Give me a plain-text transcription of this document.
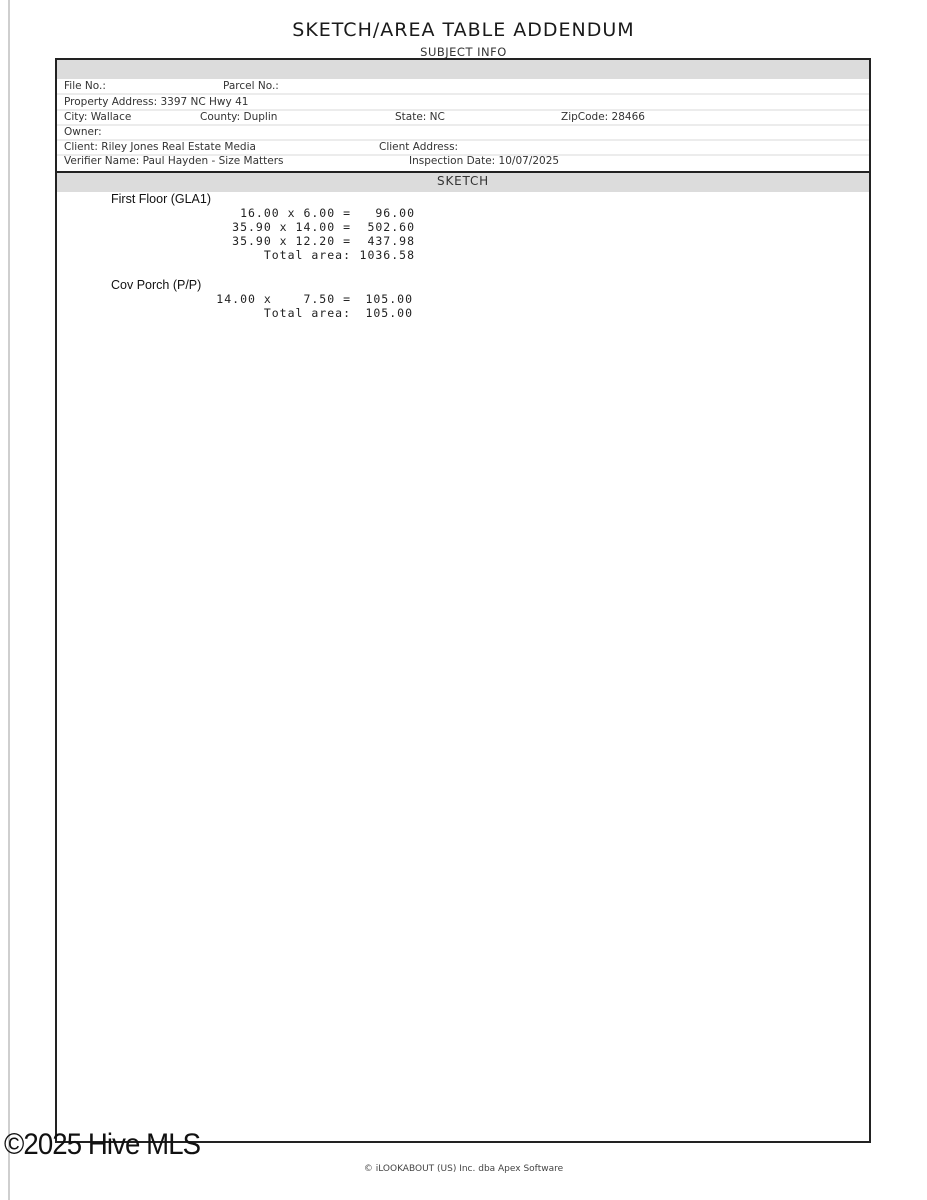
SKETCH/AREA TABLE ADDENDUM
SUBJECT INFO
File No.:	Parcel No.:
Property Address: 3397 NC Hwy 41
City: Wallace	County: Duplin	State: NC	ZipCode: 28466
Owner:
Client: Riley Jones Real Estate Media	Client Address:
Verifier Name: Paul Hayden - Size Matters	Inspection Date: 10/07/2025
SKETCH
First Floor (GLA1)
16.00 x 6.00 =	96.00
35.90 x 14.00 =	502.60
35.90 x 12.20 =	437.98
Total area: 1036.58
Cov Porch (P/P)
14.00 x    7.50 =	105.00
Total area:	105.00
©2025 Hive MLS
© iLOOKABOUT (US) Inc. dba Apex Software
